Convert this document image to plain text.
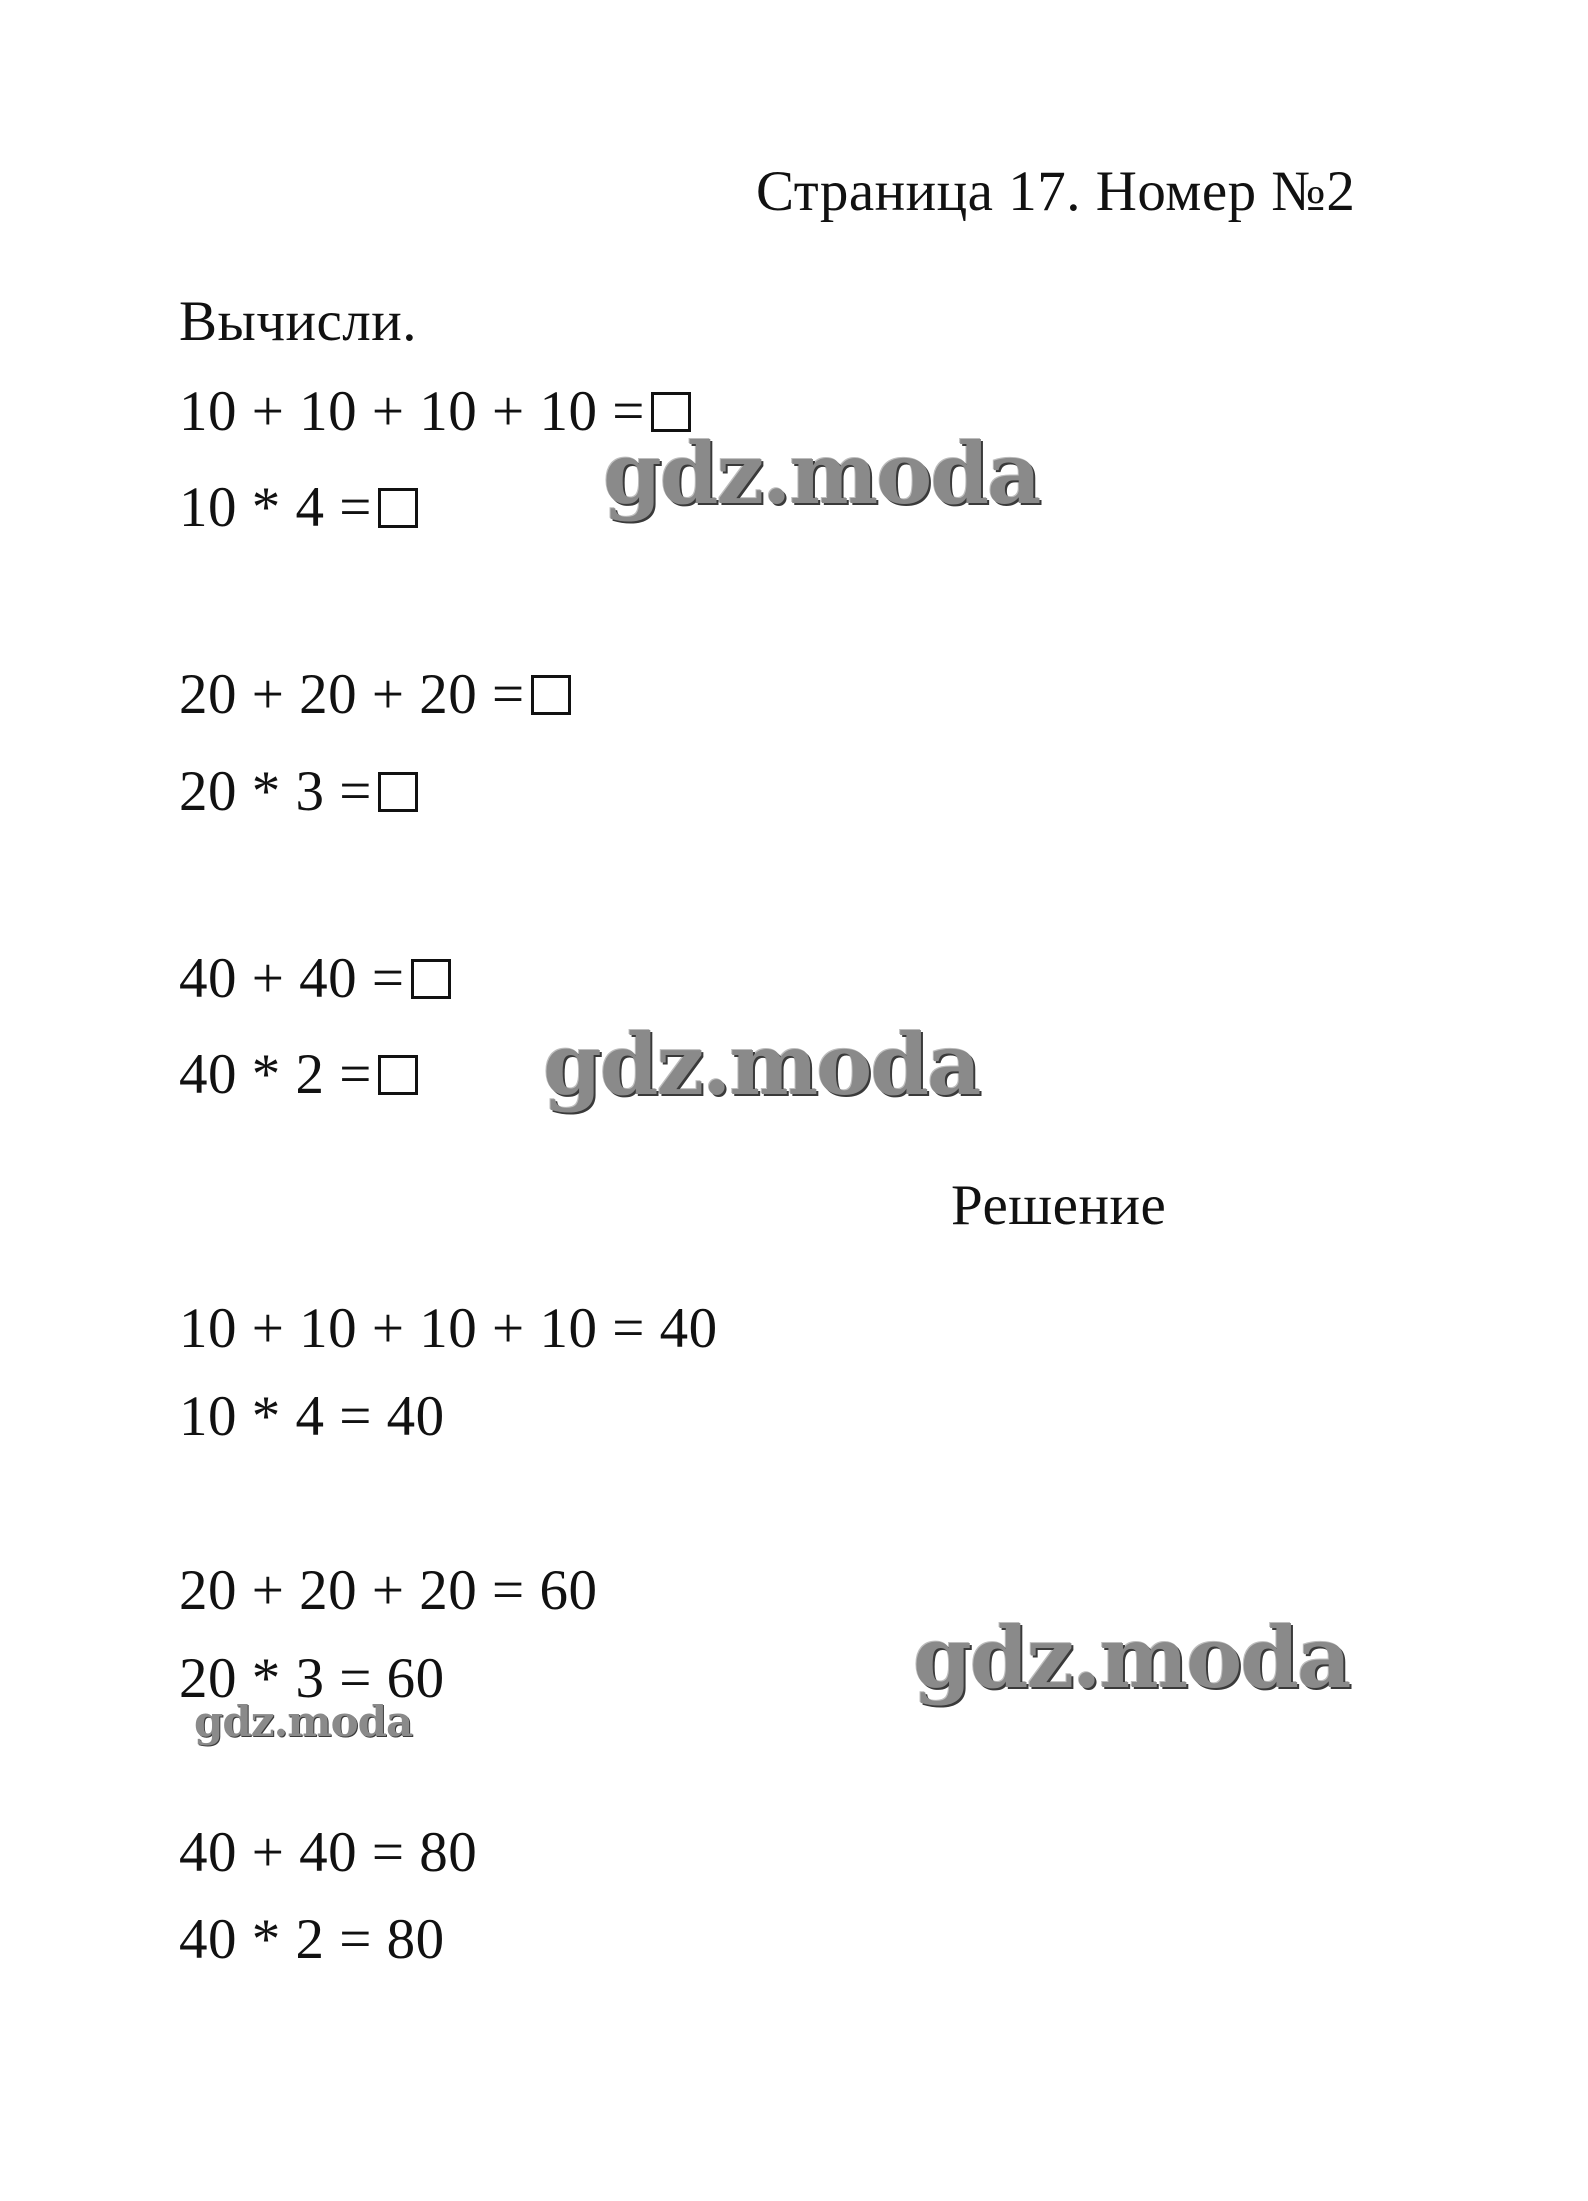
Страница 17. Номер №2
Вычисли.
10 + 10 + 10 + 10 =
10 * 4 =
20 + 20 + 20 =
20 * 3 =
40 + 40 =
40 * 2 =
Решение
10 + 10 + 10 + 10 = 40
10 * 4 = 40
20 + 20 + 20 = 60
20 * 3 = 60
40 + 40 = 80
40 * 2 = 80
gdz.moda
gdz.moda
gdz.moda
gdz.moda
